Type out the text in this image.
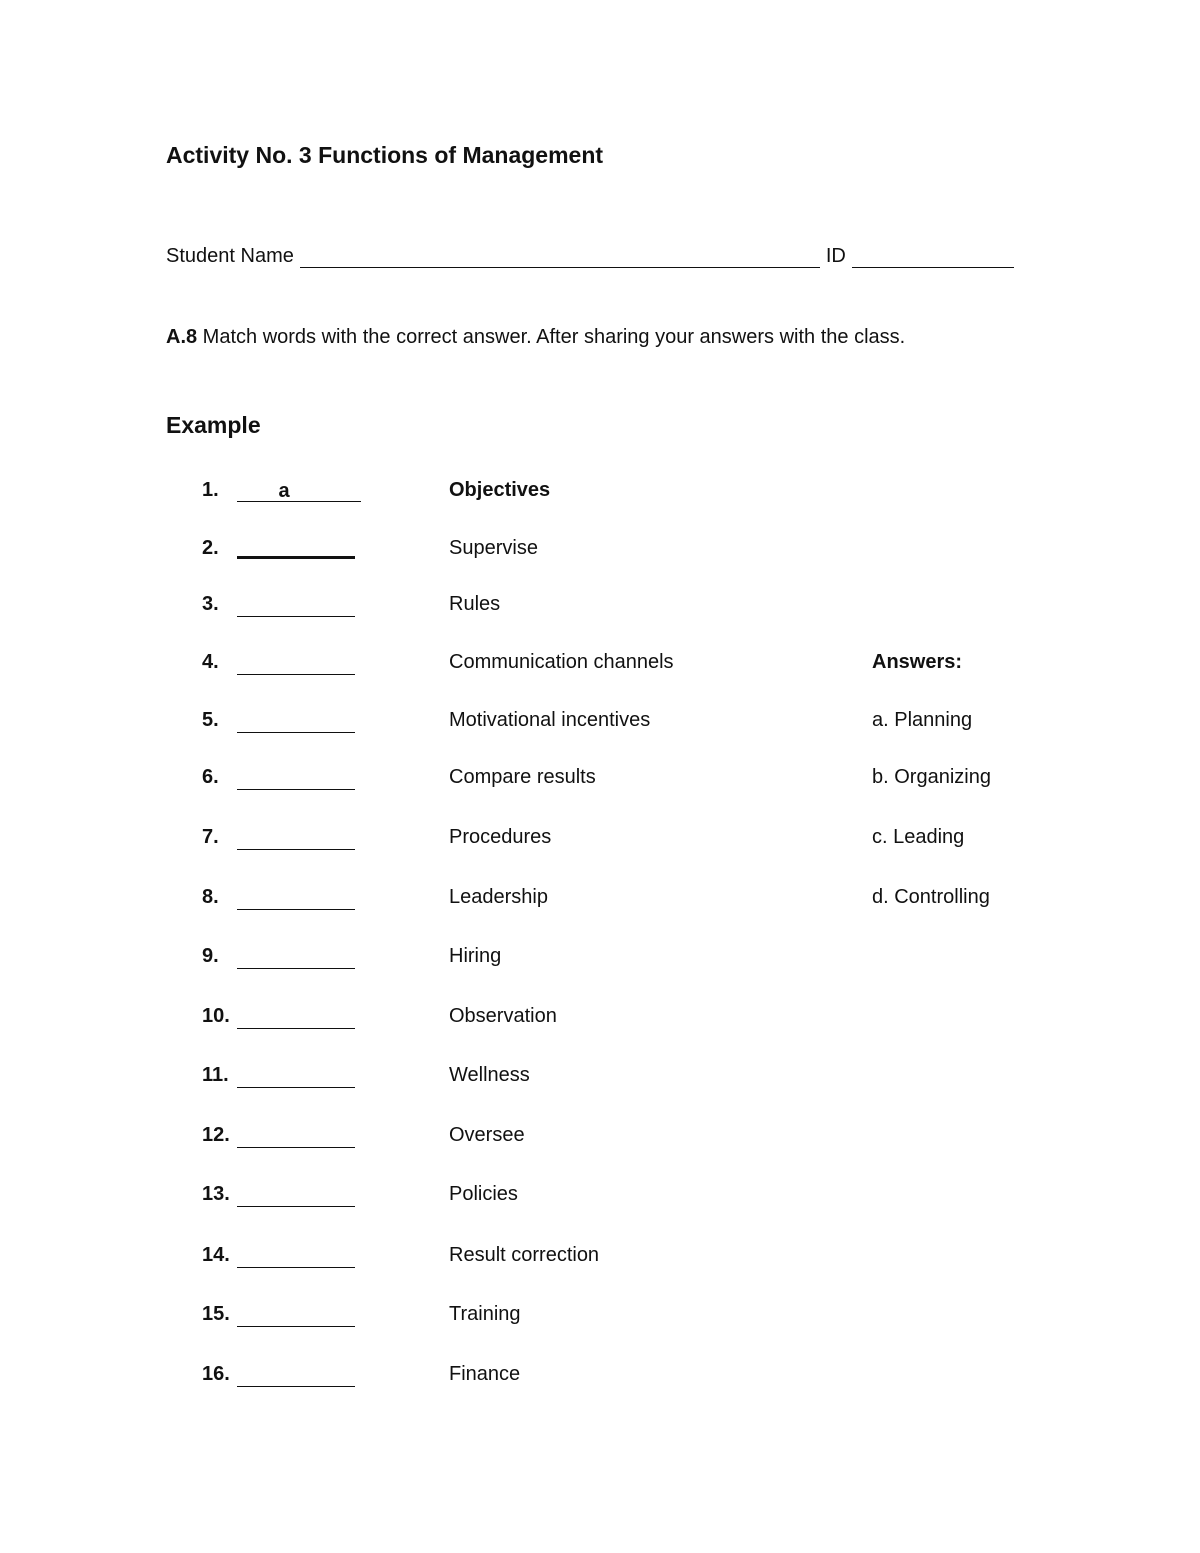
Activity No. 3 Functions of Management
Student Name	ID
A.8 Match words with the correct answer. After sharing your answers with the class.
Example
1.	a	Objectives
2.	Supervise
3.	Rules
4.	Communication channels
5.	Motivational incentives
6.	Compare results
7.	Procedures
8.	Leadership
9.	Hiring
10.	Observation
11.	Wellness
12.	Oversee
13.	Policies
14.	Result correction
15.	Training
16.	Finance
Answers:
a. Planning
b. Organizing
c. Leading
d. Controlling
